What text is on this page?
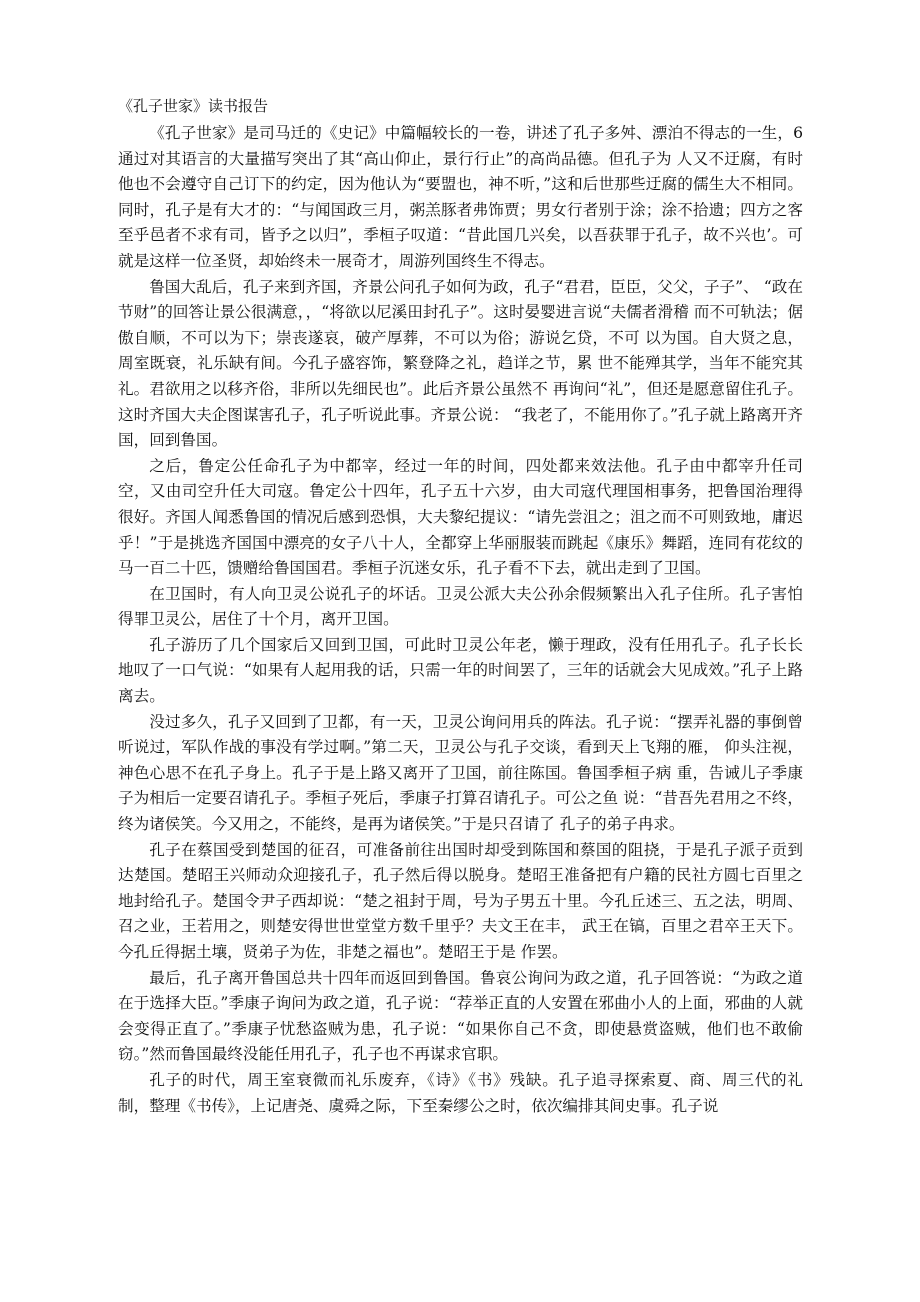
《孔子世家》读书报告

《孔子世家》是司马迁的《史记》中篇幅较长的一卷，讲述了孔子多舛、漂泊不得志的一生，6通过对其语言的大量描写突出了其“高山仰止，景行行止”的高尚品德。但孔子为 人又不迂腐，有时他也不会遵守自己订下的约定，因为他认为“要盟也，神不听，”这和后世那些迂腐的儒生大不相同。同时，孔子是有大才的：“与闻国政三月，粥羔豚者弗饰贾；男女行者别于涂；涂不拾遗；四方之客至乎邑者不求有司，皆予之以归”，季桓子叹道：“昔此国几兴矣，以吾获罪于孔子，故不兴也’。可就是这样一位圣贤，却始终未一展奇才，周游列国终生不得志。

鲁国大乱后，孔子来到齐国，齐景公问孔子如何为政，孔子“君君，臣臣，父父，子子”、 “政在节财”的回答让景公很满意，，“将欲以尼溪田封孔子”。这时晏婴进言说“夫儒者滑稽 而不可轨法；倨傲自顺，不可以为下；崇丧遂哀，破产厚葬，不可以为俗；游说乞贷，不可 以为国。自大贤之息，周室既衰，礼乐缺有间。今孔子盛容饰，繁登降之礼，趋详之节，累 世不能殚其学，当年不能究其礼。君欲用之以移齐俗，非所以先细民也”。此后齐景公虽然不 再询问“礼”，但还是愿意留住孔子。这时齐国大夫企图谋害孔子，孔子听说此事。齐景公说： “我老了，不能用你了。”孔子就上路离开齐国，回到鲁国。

之后，鲁定公任命孔子为中都宰，经过一年的时间，四处都来效法他。孔子由中都宰升任司空，又由司空升任大司寇。鲁定公十四年，孔子五十六岁，由大司寇代理国相事务，把鲁国治理得很好。齐国人闻悉鲁国的情况后感到恐惧，大夫黎纪提议：“请先尝沮之；沮之而不可则致地，庸迟乎！”于是挑选齐国国中漂亮的女子八十人，全都穿上华丽服装而跳起《康乐》舞蹈，连同有花纹的马一百二十匹，馈赠给鲁国国君。季桓子沉迷女乐，孔子看不下去，就出走到了卫国。

在卫国时，有人向卫灵公说孔子的坏话。卫灵公派大夫公孙余假频繁出入孔子住所。孔子害怕得罪卫灵公，居住了十个月，离开卫国。

孔子游历了几个国家后又回到卫国，可此时卫灵公年老，懒于理政，没有任用孔子。孔子长长地叹了一口气说：“如果有人起用我的话，只需一年的时间罢了，三年的话就会大见成效。”孔子上路离去。

没过多久，孔子又回到了卫都，有一天，卫灵公询问用兵的阵法。孔子说：“摆弄礼器的事倒曾听说过，军队作战的事没有学过啊。”第二天，卫灵公与孔子交谈，看到天上飞翔的雁， 仰头注视，神色心思不在孔子身上。孔子于是上路又离开了卫国，前往陈国。鲁国季桓子病 重，告诫儿子季康子为相后一定要召请孔子。季桓子死后，季康子打算召请孔子。可公之鱼 说：“昔吾先君用之不终，终为诸侯笑。今又用之，不能终，是再为诸侯笑。”于是只召请了 孔子的弟子冉求。

孔子在蔡国受到楚国的征召，可准备前往出国时却受到陈国和蔡国的阻挠，于是孔子派子贡到达楚国。楚昭王兴师动众迎接孔子，孔子然后得以脱身。楚昭王准备把有户籍的民社方圆七百里之地封给孔子。楚国令尹子西却说：“楚之祖封于周，号为子男五十里。今孔丘述三、五之法，明周、召之业，王若用之，则楚安得世世堂堂方数千里乎？夫文王在丰， 武王在镐，百里之君卒王天下。今孔丘得据土壤，贤弟子为佐，非楚之福也”。楚昭王于是 作罢。

最后，孔子离开鲁国总共十四年而返回到鲁国。鲁哀公询问为政之道，孔子回答说：“为政之道在于选择大臣。”季康子询问为政之道，孔子说：“荐举正直的人安置在邪曲小人的上面，邪曲的人就会变得正直了。”季康子忧愁盗贼为患，孔子说：“如果你自己不贪，即使悬赏盗贼，他们也不敢偷窃。”然而鲁国最终没能任用孔子，孔子也不再谋求官职。

孔子的时代，周王室衰微而礼乐废弃，《诗》《书》残缺。孔子追寻探索夏、商、周三代的礼制，整理《书传》，上记唐尧、虞舜之际，下至秦缪公之时，依次编排其间史事。孔子说
